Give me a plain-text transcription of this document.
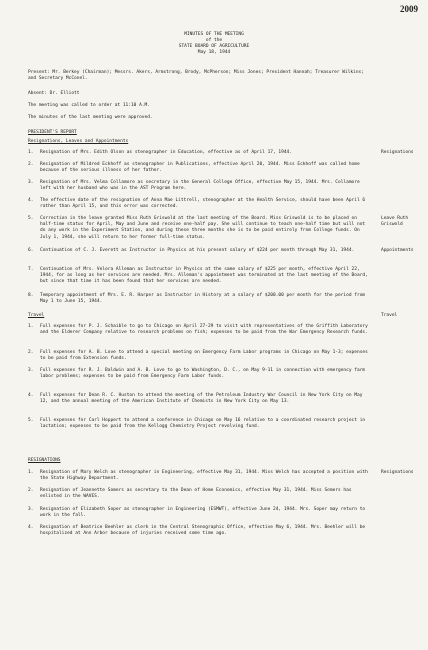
2009
MINUTES OF THE MEETING
of the
STATE BOARD OF AGRICULTURE
May 18, 1944
Present: Mr. Berkey (Chairman); Messrs. Akers, Armstrong, Brody, McPherson; Miss Jones; President Hannah; Treasurer Wilkins; and Secretary McConel.
Absent: Dr. Elliott
The meeting was called to order at 11:10 A.M.
The minutes of the last meeting were approved.
PRESIDENT'S REPORT
Resignations, Leaves and Appointments
1. Resignation of Mrs. Edith Olson as stenographer in Education, effective as of April 17, 1944.
2. Resignation of Mildred Eckhoff as stenographer in Publications, effective April 20, 1944. Miss Eckhoff was called home because of the serious illness of her father.
3. Resignation of Mrs. Velma Collamore as secretary in the General College Office, effective May 15, 1944. Mrs. Collamore left with her husband who was in the AST Program here.
4. The effective date of the resignation of Anna Mae Littrell, stenographer at the Health Service, should have been April 6 rather than April 15, and this error was corrected.
5. Correction in the leave granted Miss Ruth Griswold at the last meeting of the Board. Miss Griswold is to be placed on half-time status for April, May and June and receive one-half pay. She will continue to teach one-half time but will not do any work in the Experiment Station, and during these three months she is to be paid entirely from College funds. On July 1, 1944, she will return to her former full-time status.
6. Continuation of C. J. Everett as Instructor in Physics at his present salary of $224 per month through May 31, 1944.
7. Continuation of Mrs. Velora Alleman as Instructor in Physics at the same salary of $225 per month, effective April 22, 1944, for as long as her services are needed. Mrs. Alleman's appointment was terminated at the last meeting of the Board, but since that time it has been found that her services are needed.
8. Temporary appointment of Mrs. E. R. Harper as Instructor in History at a salary of $200.00 per month for the period from May 1 to June 15, 1944.
Travel
1. Full expenses for P. J. Schaible to go to Chicago on April 27-29 to visit with representatives of the Griffith Laboratory and the Elderer Company relative to research problems on fish; expenses to be paid from the War Emergency Research funds.
2. Full expenses for A. B. Love to attend a special meeting on Emergency Farm Labor programs in Chicago on May 1-3; expenses to be paid from Extension funds.
3. Full expenses for R. J. Baldwin and A. B. Love to go to Washington, D. C., on May 9-11 in connection with emergency farm labor problems; expenses to be paid from Emergency Farm Labor funds.
4. Full expenses for Dean R. C. Huston to attend the meeting of the Petroleum Industry War Council in New York City on May 12, and the annual meeting of the American Institute of Chemists in New York City on May 13.
5. Full expenses for Carl Hoppert to attend a conference in Chicago on May 16 relative to a coordinated research project in lactation; expenses to be paid from the Kellogg Chemistry Project revolving fund.
RESIGNATIONS
1. Resignation of Mary Welch as stenographer in Engineering, effective May 31, 1944. Miss Welch has accepted a position with the State Highway Department.
2. Resignation of Jeannette Somers as secretary to the Dean of Home Economics, effective May 31, 1944. Miss Somers has enlisted in the WAVES.
3. Resignation of Elizabeth Soper as stenographer in Engineering (ESMWT), effective June 24, 1944. Mrs. Soper may return to work in the fall.
4. Resignation of Beatrice Beehler as clerk in the Central Stenographic Office, effective May 6, 1944. Mrs. Beehler will be hospitalized at Ann Arbor because of injuries received some time ago.
Resignations
Leave Ruth Griswold
Appointments
Travel
Resignations
